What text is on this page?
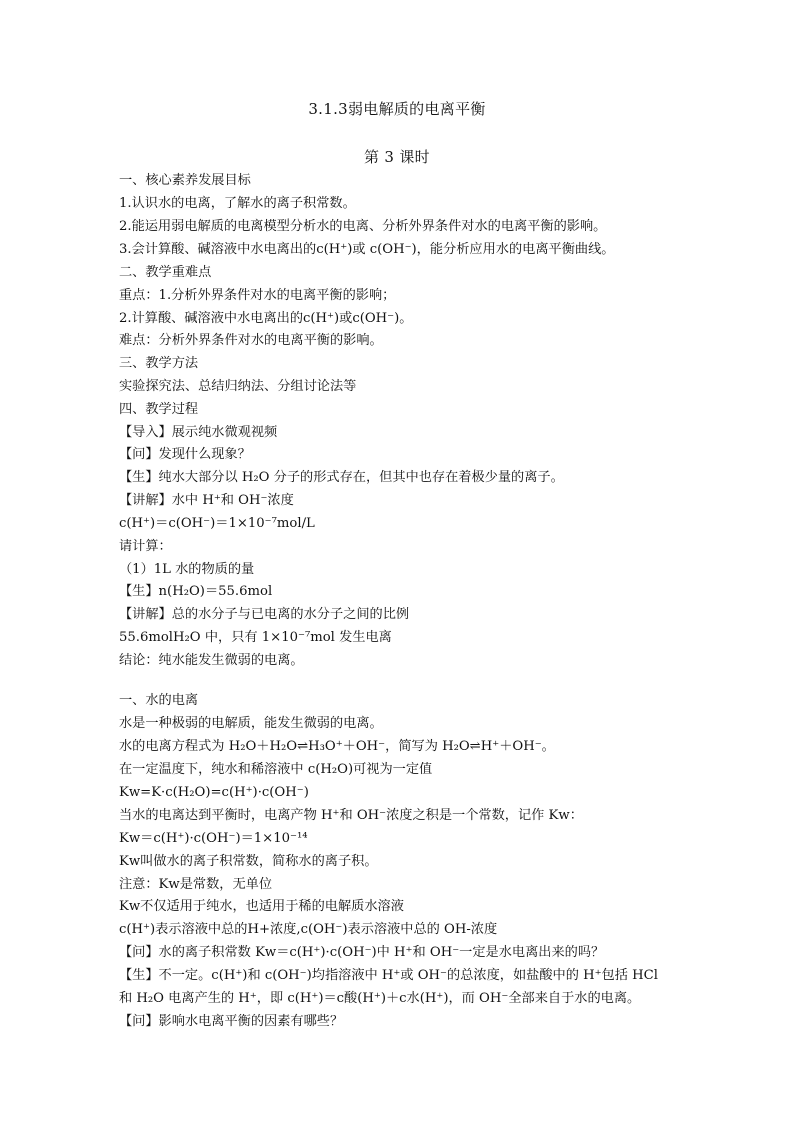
3.1.3弱电解质的电离平衡
第 3 课时
一、核心素养发展目标
1.认识水的电离，了解水的离子积常数。
2.能运用弱电解质的电离模型分析水的电离、分析外界条件对水的电离平衡的影响。
3.会计算酸、碱溶液中水电离出的c(H⁺)或 c(OH⁻)，能分析应用水的电离平衡曲线。
二、教学重难点
重点：1.分析外界条件对水的电离平衡的影响；
2.计算酸、碱溶液中水电离出的c(H⁺)或c(OH⁻)。
难点：分析外界条件对水的电离平衡的影响。
三、教学方法
实验探究法、总结归纳法、分组讨论法等
四、教学过程
【导入】展示纯水微观视频
【问】发现什么现象？
【生】纯水大部分以 H₂O 分子的形式存在，但其中也存在着极少量的离子。
【讲解】水中 H⁺和 OH⁻浓度
c(H⁺)＝c(OH⁻)＝1×10⁻⁷mol/L
请计算：
（1）1L 水的物质的量
【生】n(H₂O)＝55.6mol
【讲解】总的水分子与已电离的水分子之间的比例
55.6molH₂O 中，只有 1×10⁻⁷mol 发生电离
结论：纯水能发生微弱的电离。
一、水的电离
水是一种极弱的电解质，能发生微弱的电离。
水的电离方程式为 H₂O＋H₂O⇌H₃O⁺＋OH⁻，简写为 H₂O⇌H⁺＋OH⁻。
在一定温度下，纯水和稀溶液中 c(H₂O)可视为一定值
Kw=K·c(H₂O)=c(H⁺)·c(OH⁻)
当水的电离达到平衡时，电离产物 H⁺和 OH⁻浓度之积是一个常数，记作 Kw：
Kw＝c(H⁺)·c(OH⁻)＝1×10⁻¹⁴
Kw叫做水的离子积常数，简称水的离子积。
注意：Kw是常数，无单位
Kw不仅适用于纯水，也适用于稀的电解质水溶液
c(H⁺)表示溶液中总的H+浓度,c(OH⁻)表示溶液中总的 OH-浓度
【问】水的离子积常数 Kw＝c(H⁺)·c(OH⁻)中 H⁺和 OH⁻一定是水电离出来的吗？
【生】不一定。c(H⁺)和 c(OH⁻)均指溶液中 H⁺或 OH⁻的总浓度，如盐酸中的 H⁺包括 HCl
和 H₂O 电离产生的 H⁺，即 c(H⁺)＝c酸(H⁺)＋c水(H⁺)，而 OH⁻全部来自于水的电离。
【问】影响水电离平衡的因素有哪些？
